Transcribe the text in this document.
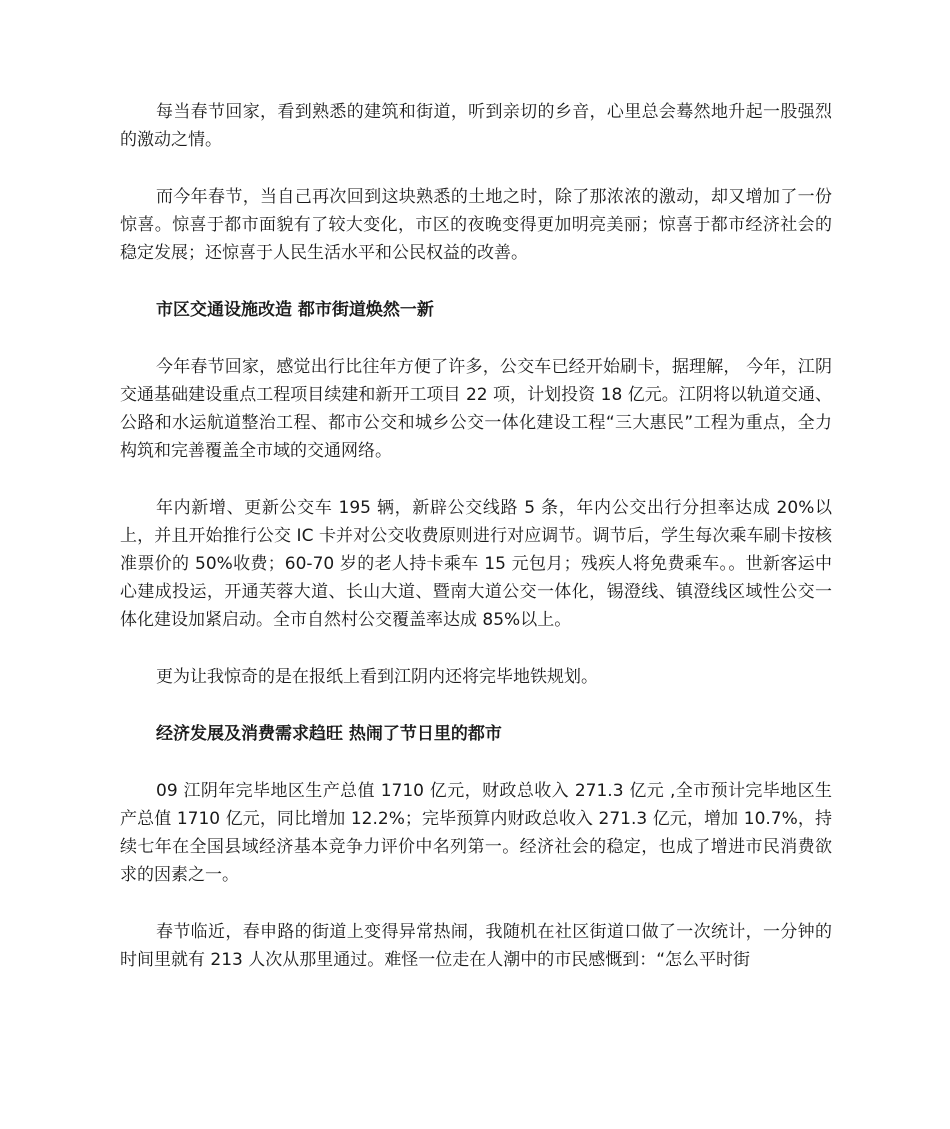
每当春节回家，看到熟悉的建筑和街道，听到亲切的乡音，心里总会蓦然地升起一股强烈的激动之情。

而今年春节，当自己再次回到这块熟悉的土地之时，除了那浓浓的激动，却又增加了一份惊喜。惊喜于都市面貌有了较大变化，市区的夜晚变得更加明亮美丽；惊喜于都市经济社会的稳定发展；还惊喜于人民生活水平和公民权益的改善。

市区交通设施改造 都市街道焕然一新

今年春节回家，感觉出行比往年方便了许多，公交车已经开始刷卡，据理解， 今年，江阴交通基础建设重点工程项目续建和新开工项目 22 项，计划投资 18 亿元。江阴将以轨道交通、公路和水运航道整治工程、都市公交和城乡公交一体化建设工程“三大惠民”工程为重点，全力构筑和完善覆盖全市域的交通网络。

年内新增、更新公交车 195 辆，新辟公交线路 5 条，年内公交出行分担率达成 20%以上，并且开始推行公交 IC 卡并对公交收费原则进行对应调节。调节后，学生每次乘车刷卡按核准票价的 50%收费；60-70 岁的老人持卡乘车 15 元包月；残疾人将免费乘车。。世新客运中心建成投运，开通芙蓉大道、长山大道、暨南大道公交一体化，锡澄线、镇澄线区域性公交一体化建设加紧启动。全市自然村公交覆盖率达成 85%以上。

更为让我惊奇的是在报纸上看到江阴内还将完毕地铁规划。

经济发展及消费需求趋旺 热闹了节日里的都市

09 江阴年完毕地区生产总值 1710 亿元，财政总收入 271.3 亿元 ,全市预计完毕地区生产总值 1710 亿元，同比增加 12.2%；完毕预算内财政总收入 271.3 亿元，增加 10.7%，持续七年在全国县域经济基本竞争力评价中名列第一。经济社会的稳定，也成了增进市民消费欲求的因素之一。

春节临近，春申路的街道上变得异常热闹，我随机在社区街道口做了一次统计，一分钟的时间里就有 213 人次从那里通过。难怪一位走在人潮中的市民感慨到：“怎么平时街
